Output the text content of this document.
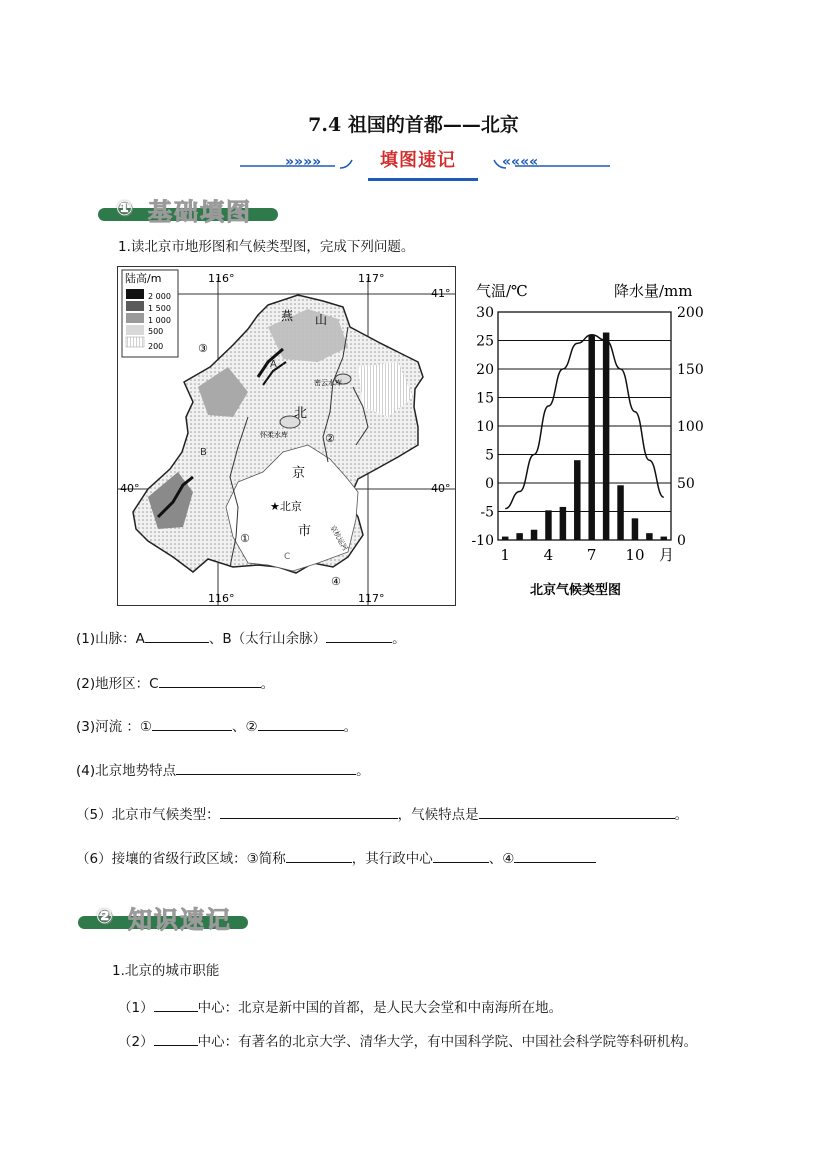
7.4 祖国的首都——北京
»»»»	««««
填图速记
① 基础填图
1.读北京市地形图和气候类型图，完成下列问题。
陆高/m
2 000
1 500
1 000
500
200
116°	117°
116°	117°
41°
40°	40°
燕 山
北
京
市
★北京
C
B
A
①
②
③
④
密云水库
怀柔水库
京杭运河
气温/℃	降水量/mm
30
25
20
15
10
5
0
-5
-10
200
150
100
50
0
1 4 7 10 月
北京气候类型图
(1)山脉：A	、B（太行山余脉）	。
(2)地形区：C	。
(3)河流 ：①	、②	。
(4)北京地势特点	。
（5）北京市气候类型：	，气候特点是	。
（6）接壤的省级行政区域：③简称	，其行政中心	、④
② 知识速记
1.北京的城市职能
（1）	中心：北京是新中国的首都，是人民大会堂和中南海所在地。
（2）	中心：有著名的北京大学、清华大学，有中国科学院、中国社会科学院等科研机构。
